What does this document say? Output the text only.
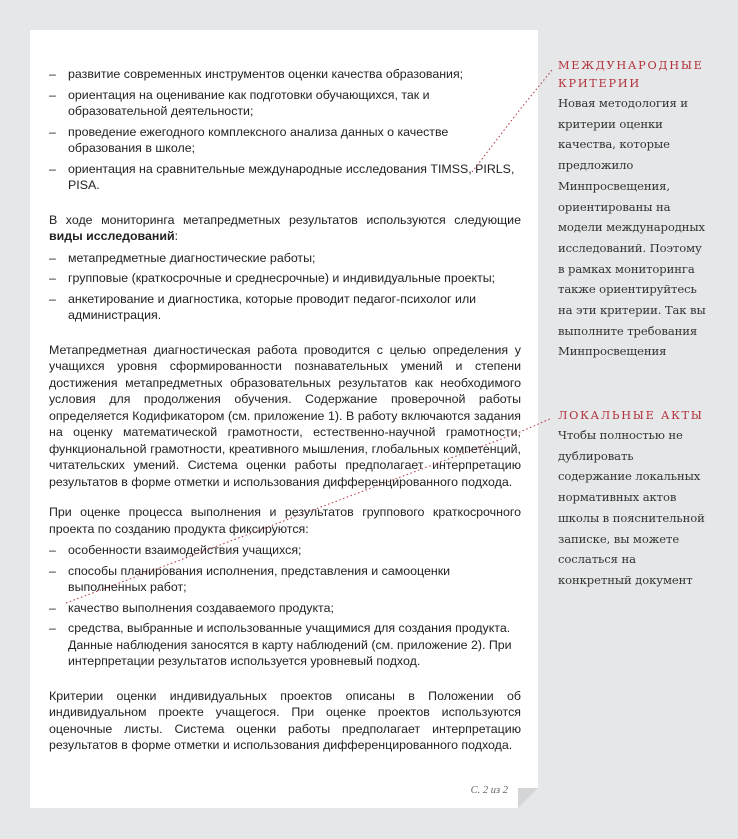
– развитие современных инструментов оценки качества образования;
– ориентация на оценивание как подготовки обучающихся, так и образовательной деятельности;
– проведение ежегодного комплексного анализа данных о качестве образования в школе;
– ориентация на сравнительные международные исследования TIMSS, PIRLS, PISA.

В ходе мониторинга метапредметных результатов используются следующие виды исследований:

– метапредметные диагностические работы;
– групповые (краткосрочные и среднесрочные) и индивидуальные проекты;
– анкетирование и диагностика, которые проводит педагог-психолог или администрация.

Метапредметная диагностическая работа проводится с целью определения у учащихся уровня сформированности познавательных умений и степени достижения метапредметных образовательных результатов как необходимого условия для продолжения обучения. Содержание проверочной работы определяется Кодификатором (см. приложение 1). В работу включаются задания на оценку математической грамотности, естественно-научной грамотности, функциональной грамотности, креативного мышления, глобальных компетенций, читательских умений. Система оценки работы предполагает интерпретацию результатов в форме отметки и использования дифференцированного подхода.

При оценке процесса выполнения и результатов группового краткосрочного проекта по созданию продукта фиксируются:

– особенности взаимодействия учащихся;
– способы планирования исполнения, представления и самооценки выполненных работ;
– качество выполнения создаваемого продукта;
– средства, выбранные и использованные учащимися для создания продукта. Данные наблюдения заносятся в карту наблюдений (см. приложение 2). При интерпретации результатов используется уровневый подход.

Критерии оценки индивидуальных проектов описаны в Положении об индивидуальном проекте учащегося. При оценке проектов используются оценочные листы. Система оценки работы предполагает интерпретацию результатов в форме отметки и использования дифференцированного подхода.

С. 2 из 2
МЕЖДУНАРОДНЫЕ КРИТЕРИИ
Новая методология и критерии оценки качества, которые предложило Минпросвещения, ориентированы на модели международных исследований. Поэтому в рамках мониторинга также ориентируйтесь на эти критерии. Так вы выполните требования Минпросвещения
ЛОКАЛЬНЫЕ АКТЫ
Чтобы полностью не дублировать содержание локальных нормативных актов школы в пояснительной записке, вы можете сослаться на конкретный документ
